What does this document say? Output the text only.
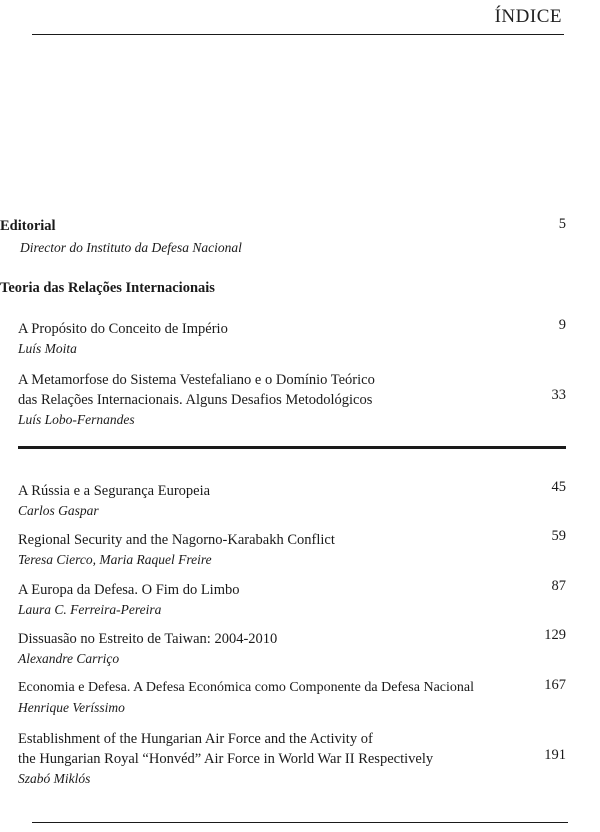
ÍNDICE
Editorial
Director do Instituto da Defesa Nacional
5
Teoria das Relações Internacionais
A Propósito do Conceito de Império
Luís Moita
9
A Metamorfose do Sistema Vestefaliano e o Domínio Teórico
das Relações Internacionais. Alguns Desafios Metodológicos
Luís Lobo-Fernandes
33
A Rússia e a Segurança Europeia
Carlos Gaspar
45
Regional Security and the Nagorno-Karabakh Conflict
Teresa Cierco, Maria Raquel Freire
59
A Europa da Defesa. O Fim do Limbo
Laura C. Ferreira-Pereira
87
Dissuasão no Estreito de Taiwan: 2004-2010
Alexandre Carriço
129
Economia e Defesa. A Defesa Económica como Componente da Defesa Nacional
Henrique Veríssimo
167
Establishment of the Hungarian Air Force and the Activity of
the Hungarian Royal “Honvéd” Air Force in World War II Respectively
Szabó Miklós
191
